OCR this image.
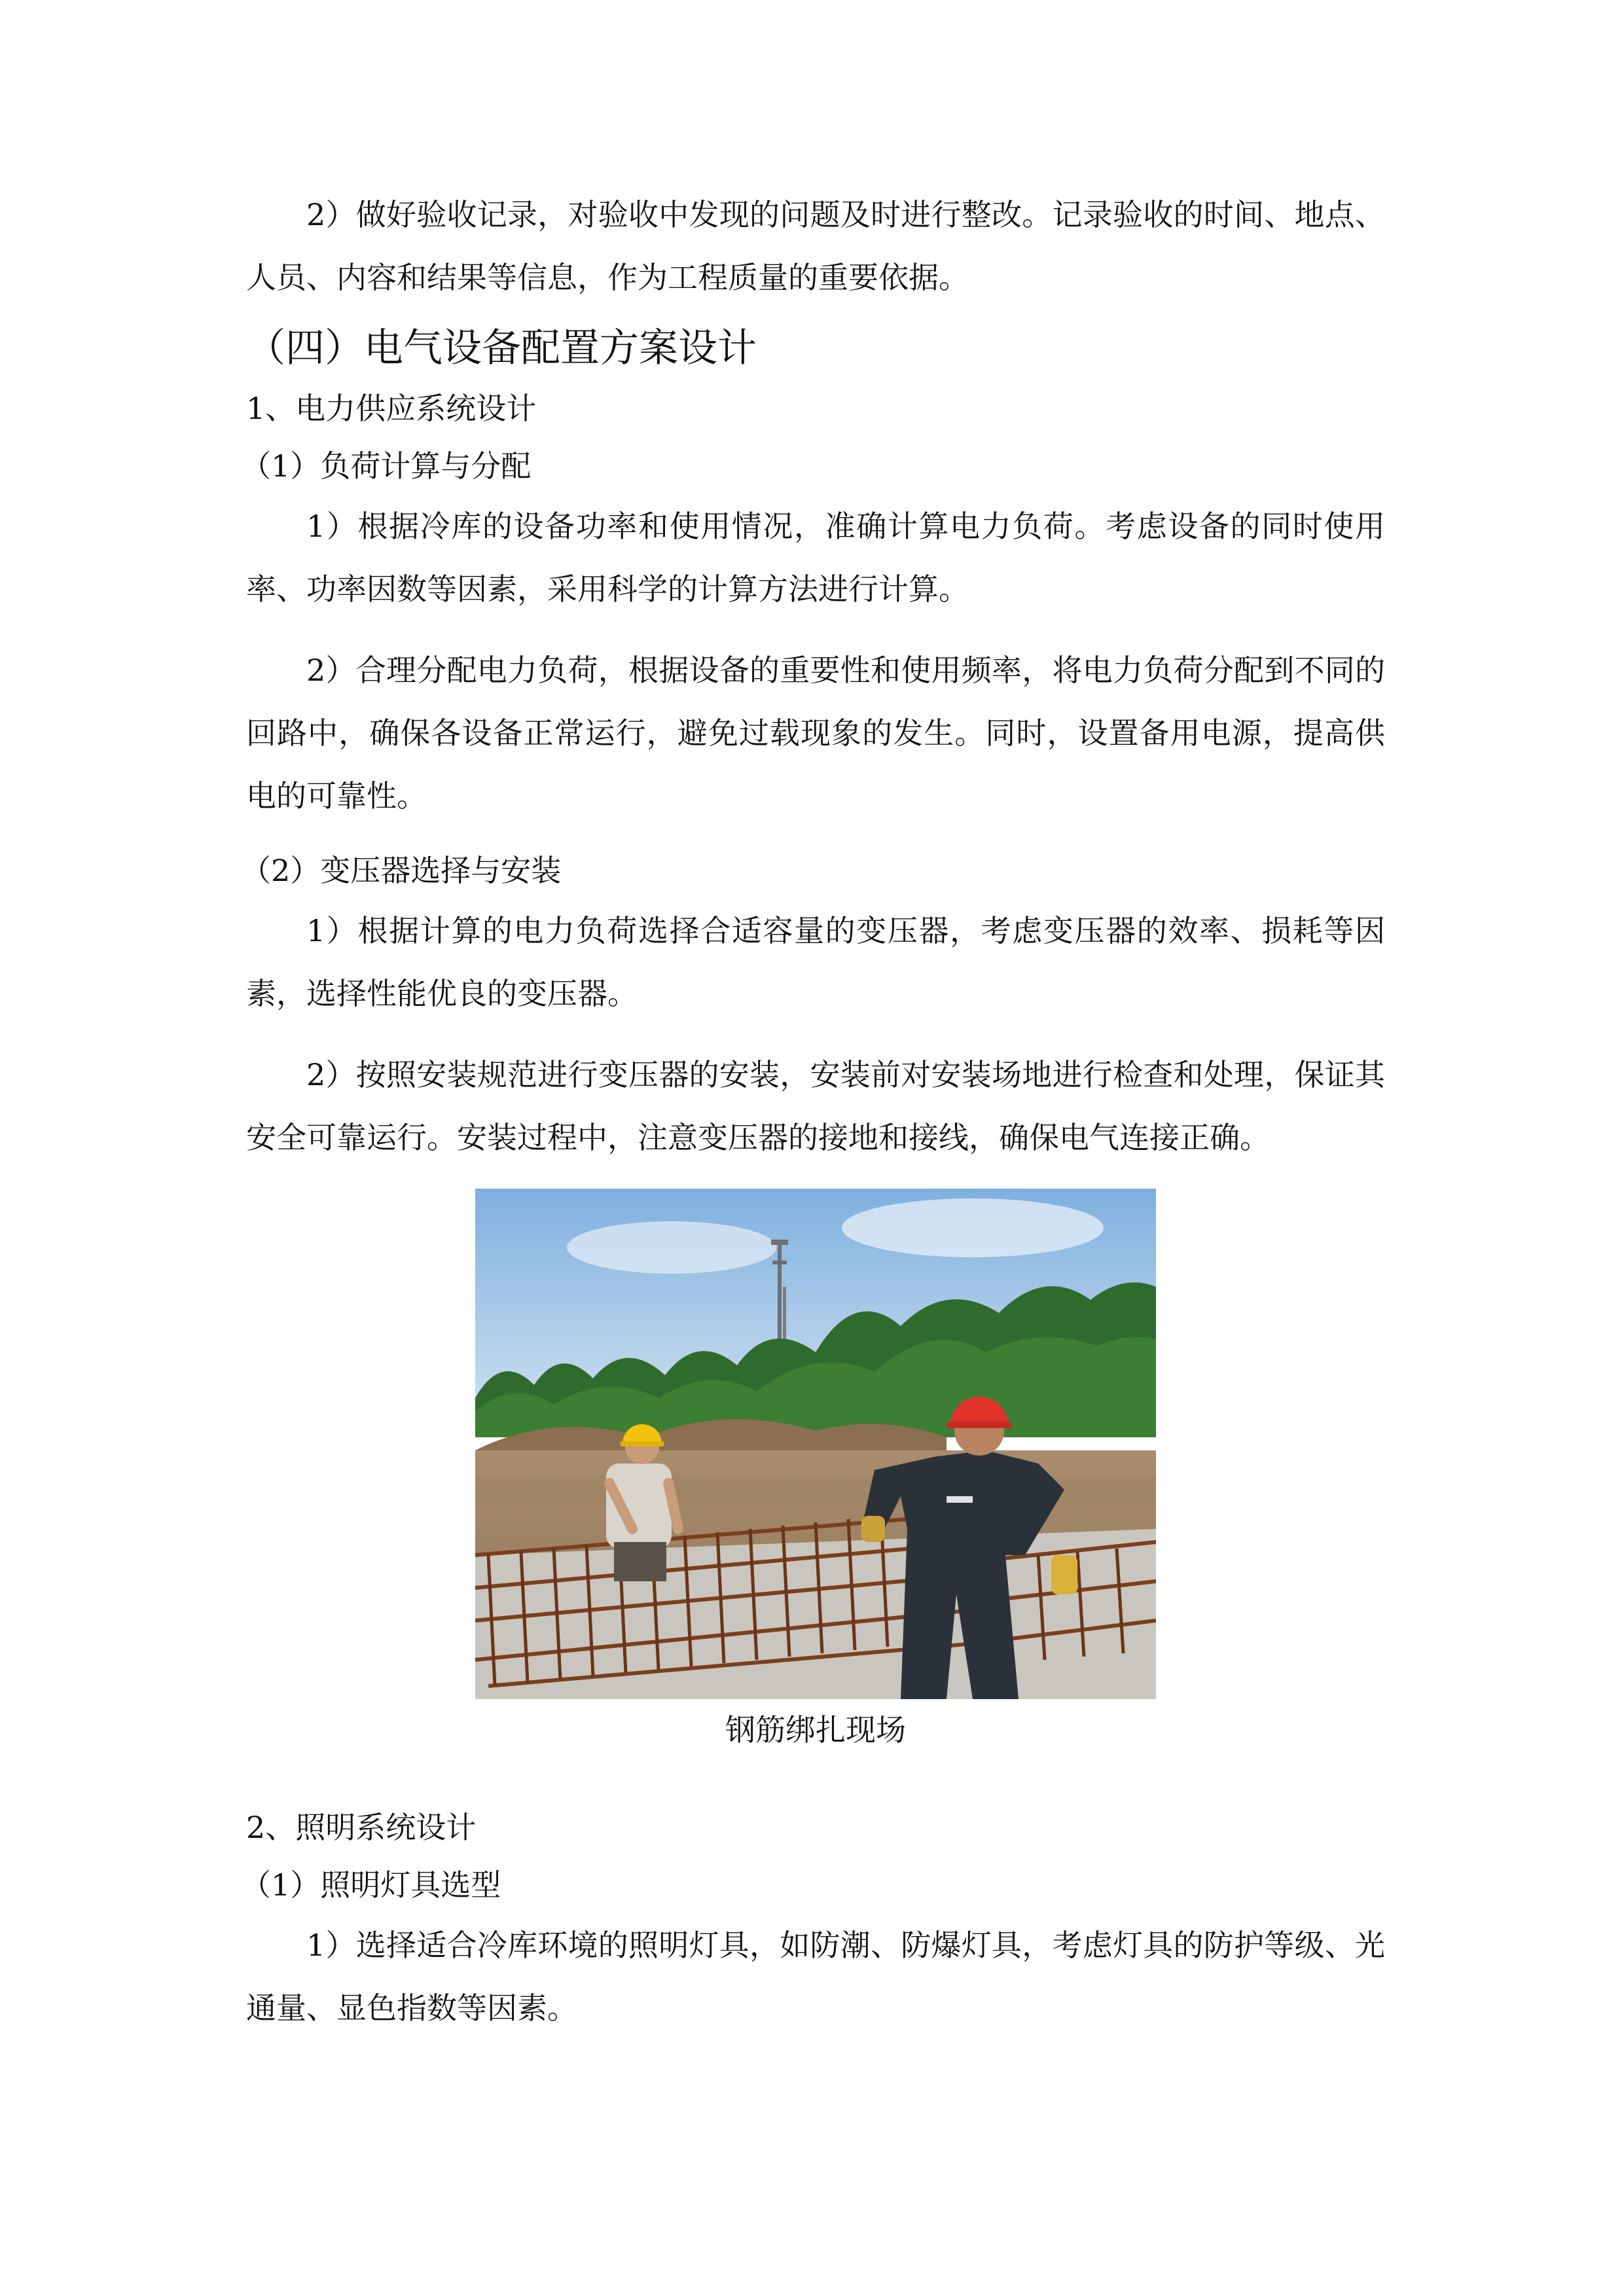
2）做好验收记录，对验收中发现的问题及时进行整改。记录验收的时间、地点、人员、内容和结果等信息，作为工程质量的重要依据。

（四）电气设备配置方案设计

1、电力供应系统设计

（1）负荷计算与分配

1）根据冷库的设备功率和使用情况，准确计算电力负荷。考虑设备的同时使用率、功率因数等因素，采用科学的计算方法进行计算。

2）合理分配电力负荷，根据设备的重要性和使用频率，将电力负荷分配到不同的回路中，确保各设备正常运行，避免过载现象的发生。同时，设置备用电源，提高供电的可靠性。

（2）变压器选择与安装

1）根据计算的电力负荷选择合适容量的变压器，考虑变压器的效率、损耗等因素，选择性能优良的变压器。

2）按照安装规范进行变压器的安装，安装前对安装场地进行检查和处理，保证其安全可靠运行。安装过程中，注意变压器的接地和接线，确保电气连接正确。

钢筋绑扎现场

2、照明系统设计

（1）照明灯具选型

1）选择适合冷库环境的照明灯具，如防潮、防爆灯具，考虑灯具的防护等级、光通量、显色指数等因素。
